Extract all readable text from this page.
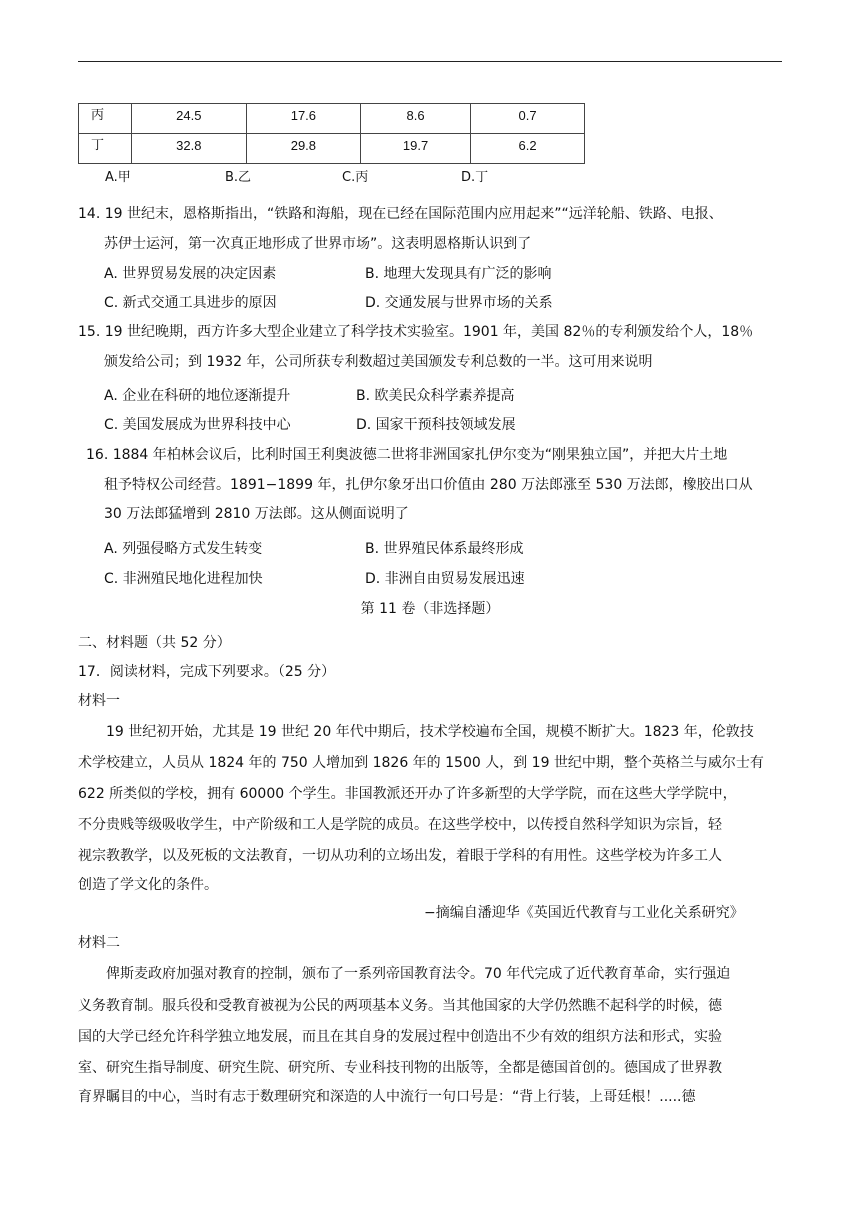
丙	24.5	17.6	8.6	0.7
丁	32.8	29.8	19.7	6.2
A.甲	B.乙	C.丙	D.丁
14. 19 世纪末，恩格斯指出，“铁路和海船，现在已经在国际范围内应用起来”“远洋轮船、铁路、电报、
苏伊士运河，第一次真正地形成了世界市场”。这表明恩格斯认识到了
A. 世界贸易发展的决定因素	B. 地理大发现具有广泛的影响
C. 新式交通工具进步的原因	D. 交通发展与世界市场的关系
15. 19 世纪晚期，西方许多大型企业建立了科学技术实验室。1901 年，美国 82％的专利颁发给个人，18％
颁发给公司；到 1932 年，公司所获专利数超过美国颁发专利总数的一半。这可用来说明
A. 企业在科研的地位逐渐提升	B. 欧美民众科学素养提高
C. 美国发展成为世界科技中心	D. 国家干预科技领域发展
16. 1884 年柏林会议后，比利时国王利奥波德二世将非洲国家扎伊尔变为“刚果独立国”，并把大片土地
租予特权公司经营。1891−1899 年，扎伊尔象牙出口价值由 280 万法郎涨至 530 万法郎，橡胶出口从
30 万法郎猛增到 2810 万法郎。这从侧面说明了
A. 列强侵略方式发生转变	B. 世界殖民体系最终形成
C. 非洲殖民地化进程加快	D. 非洲自由贸易发展迅速
第 11 卷（非选择题）
二、材料题（共 52 分）
17．阅读材料，完成下列要求。（25 分）
材料一
19 世纪初开始，尤其是 19 世纪 20 年代中期后，技术学校遍布全国，规模不断扩大。1823 年，伦敦技
术学校建立，人员从 1824 年的 750 人增加到 1826 年的 1500 人，到 19 世纪中期，整个英格兰与威尔士有
622 所类似的学校，拥有 60000 个学生。非国教派还开办了许多新型的大学学院，而在这些大学学院中，
不分贵贱等级吸收学生，中产阶级和工人是学院的成员。在这些学校中，以传授自然科学知识为宗旨，轻
视宗教教学，以及死板的文法教育，一切从功利的立场出发，着眼于学科的有用性。这些学校为许多工人
创造了学文化的条件。
−摘编自潘迎华《英国近代教育与工业化关系研究》
材料二
俾斯麦政府加强对教育的控制，颁布了一系列帝国教育法令。70 年代完成了近代教育革命，实行强迫
义务教育制。服兵役和受教育被视为公民的两项基本义务。当其他国家的大学仍然瞧不起科学的时候，德
国的大学已经允许科学独立地发展，而且在其自身的发展过程中创造出不少有效的组织方法和形式，实验
室、研究生指导制度、研究生院、研究所、专业科技刊物的出版等，全都是德国首创的。德国成了世界教
育界瞩目的中心，当时有志于数理研究和深造的人中流行一句口号是：“背上行装，上哥廷根！.....德
